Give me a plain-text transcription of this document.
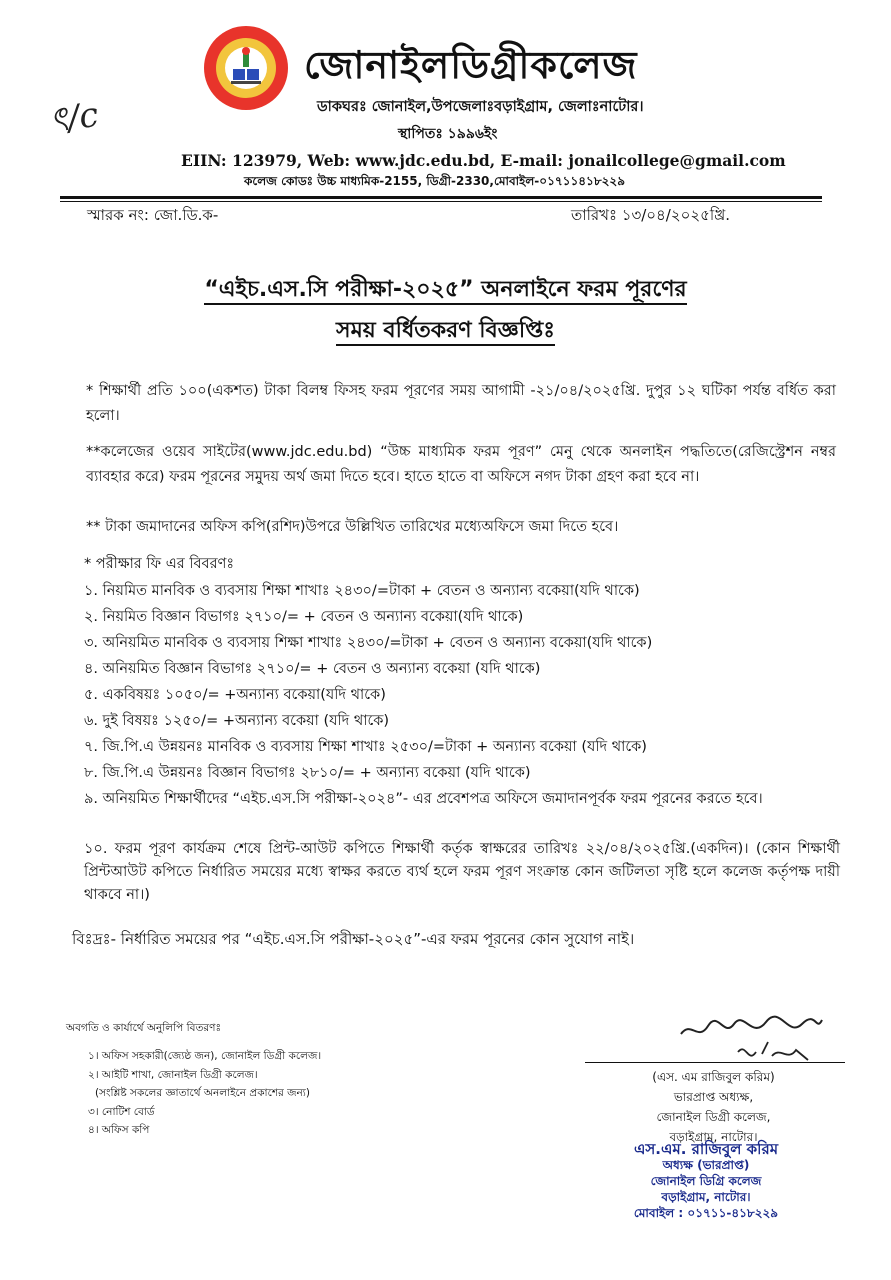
ৎ/c
জোনাইলডিগ্রীকলেজ
ডাকঘরঃ জোনাইল,উপজেলাঃবড়াইগ্রাম, জেলাঃনাটোর।
স্থাপিতঃ ১৯৯৬ইং
EIIN: 123979, Web: www.jdc.edu.bd, E-mail: jonailcollege@gmail.com
কলেজ কোডঃ উচ্চ মাধ্যমিক-2155, ডিগ্রী-2330,মোবাইল-০১৭১১৪১৮২২৯
স্মারক নং: জো.ডি.ক-	তারিখঃ ১৩/০৪/২০২৫খ্রি.
“এইচ.এস.সি পরীক্ষা-২০২৫” অনলাইনে ফরম পূরণের
সময় বর্ধিতকরণ বিজ্ঞপ্তিঃ
* শিক্ষার্থী প্রতি ১০০(একশত) টাকা বিলম্ব ফিসহ ফরম পূরণের সময় আগামী -২১/০৪/২০২৫খ্রি. দুপুর ১২ ঘটিকা পর্যন্ত বর্ধিত করা হলো।
**কলেজের ওয়েব সাইটের(www.jdc.edu.bd) “উচ্চ মাধ্যমিক ফরম পূরণ” মেনু থেকে অনলাইন পদ্ধতিতে(রেজিস্ট্রেশন নম্বর ব্যাবহার করে) ফরম পূরনের সমুদয় অর্থ জমা দিতে হবে। হাতে হাতে বা অফিসে নগদ টাকা গ্রহণ করা হবে না।
** টাকা জমাদানের অফিস কপি(রশিদ)উপরে উল্লিখিত তারিখের মধ্যেঅফিসে জমা দিতে হবে।
* পরীক্ষার ফি এর বিবরণঃ
১. নিয়মিত মানবিক ও ব্যবসায় শিক্ষা শাখাঃ ২৪৩০/=টাকা + বেতন ও অন্যান্য বকেয়া(যদি থাকে)
২. নিয়মিত বিজ্ঞান বিভাগঃ ২৭১০/= + বেতন ও অন্যান্য বকেয়া(যদি থাকে)
৩. অনিয়মিত মানবিক ও ব্যবসায় শিক্ষা শাখাঃ ২৪৩০/=টাকা + বেতন ও অন্যান্য বকেয়া(যদি থাকে)
৪. অনিয়মিত বিজ্ঞান বিভাগঃ ২৭১০/= + বেতন ও অন্যান্য বকেয়া (যদি থাকে)
৫. একবিষয়ঃ ১০৫০/= +অন্যান্য বকেয়া(যদি থাকে)
৬. দুই বিষয়ঃ ১২৫০/= +অন্যান্য বকেয়া (যদি থাকে)
৭. জি.পি.এ উন্নয়নঃ মানবিক ও ব্যবসায় শিক্ষা শাখাঃ ২৫৩০/=টাকা + অন্যান্য বকেয়া (যদি থাকে)
৮. জি.পি.এ উন্নয়নঃ বিজ্ঞান বিভাগঃ ২৮১০/= + অন্যান্য বকেয়া (যদি থাকে)
৯. অনিয়মিত শিক্ষার্থীদের “এইচ.এস.সি পরীক্ষা-২০২৪”- এর প্রবেশপত্র অফিসে জমাদানপূর্বক ফরম পূরনের করতে হবে।
১০. ফরম পূরণ কার্যক্রম শেষে প্রিন্ট-আউট কপিতে শিক্ষার্থী কর্তৃক স্বাক্ষরের তারিখঃ ২২/০৪/২০২৫খ্রি.(একদিন)। (কোন শিক্ষার্থী প্রিন্টআউট কপিতে নির্ধারিত সময়ের মধ্যে স্বাক্ষর করতে ব্যর্থ হলে ফরম পূরণ সংক্রান্ত কোন জটিলতা সৃষ্টি হলে কলেজ কর্তৃপক্ষ দায়ী থাকবে না।)
বিঃদ্রঃ- নির্ধারিত সময়ের পর “এইচ.এস.সি পরীক্ষা-২০২৫”-এর ফরম পূরনের কোন সুযোগ নাই।
অবগতি ও কার্যার্থে অনুলিপি বিতরণঃ
১। অফিস সহকারী(জ্যেষ্ঠ জন), জোনাইল ডিগ্রী কলেজ।
২। আইটি শাখা, জোনাইল ডিগ্রী কলেজ।
(সংশ্লিষ্ট সকলের জ্ঞাতার্থে অনলাইনে প্রকাশের জন্য)
৩। নোটিশ বোর্ড
৪। অফিস কপি
(এস. এম রাজিবুল করিম)
ভারপ্রাপ্ত অধ্যক্ষ,
জোনাইল ডিগ্রী কলেজ,
বড়াইগ্রাম, নাটোর।
এস.এম. রাজিবুল করিম
অধ্যক্ষ (ভারপ্রাপ্ত)
জোনাইল ডিগ্রি কলেজ
বড়াইগ্রাম, নাটোর।
মোবাইল : ০১৭১১-৪১৮২২৯
